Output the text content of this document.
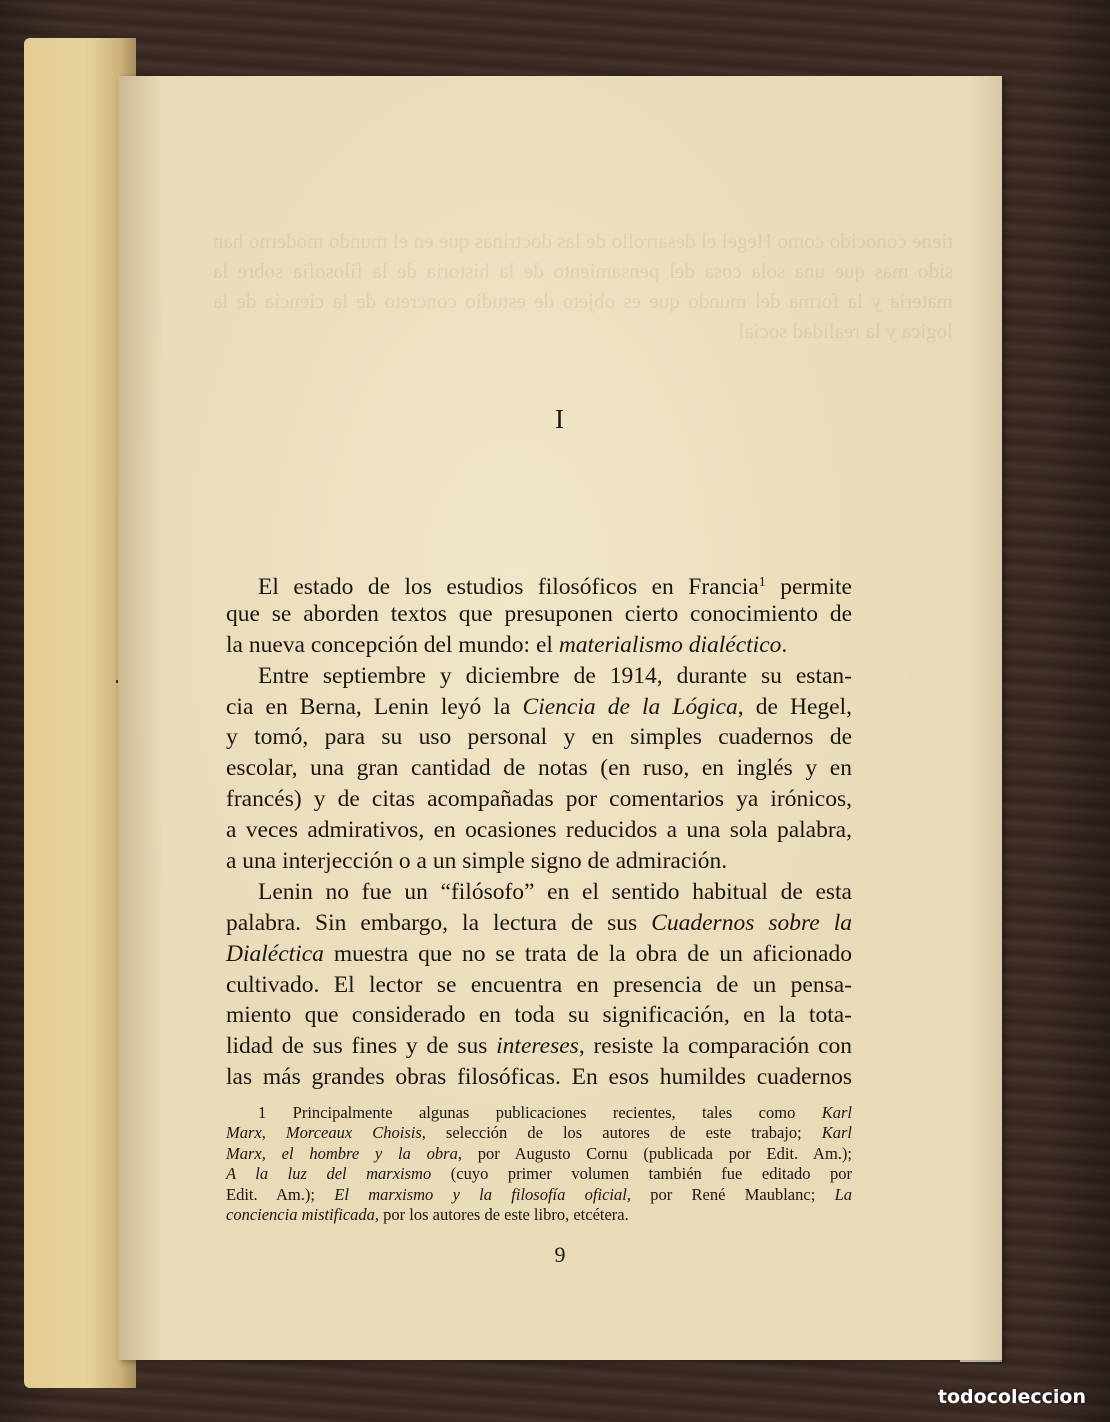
tiene conocido como Hegel el desarrollo de las doctrinas que en el mundo moderno han sido mas que una sola cosa del pensamiento de la historia de la filosofia sobre la materia y la forma del mundo que es objeto de estudio concreto de la ciencia de la logica y la realidad social
I
El estado de los estudios filosóficos en Francia$^1$ permite
que se aborden textos que presuponen cierto conocimiento de
la nueva concepción del mundo: el materialismo dialéctico.
Entre septiembre y diciembre de 1914, durante su estan-
cia en Berna, Lenin leyó la Ciencia de la Lógica, de Hegel,
y tomó, para su uso personal y en simples cuadernos de
escolar, una gran cantidad de notas (en ruso, en inglés y en
francés) y de citas acompañadas por comentarios ya irónicos,
a veces admirativos, en ocasiones reducidos a una sola palabra,
a una interjección o a un simple signo de admiración.
Lenin no fue un “filósofo” en el sentido habitual de esta
palabra. Sin embargo, la lectura de sus Cuadernos sobre la
Dialéctica muestra que no se trata de la obra de un aficionado
cultivado. El lector se encuentra en presencia de un pensa-
miento que considerado en toda su significación, en la tota-
lidad de sus fines y de sus intereses, resiste la comparación con
las más grandes obras filosóficas. En esos humildes cuadernos
1 Principalmente algunas publicaciones recientes, tales como Karl
Marx, Morceaux Choisis, selección de los autores de este trabajo; Karl
Marx, el hombre y la obra, por Augusto Cornu (publicada por Edit. Am.);
A la luz del marxismo (cuyo primer volumen también fue editado por
Edit. Am.); El marxismo y la filosofía oficial, por René Maublanc; La
conciencia mistificada, por los autores de este libro, etcétera.
9
todocoleccion
